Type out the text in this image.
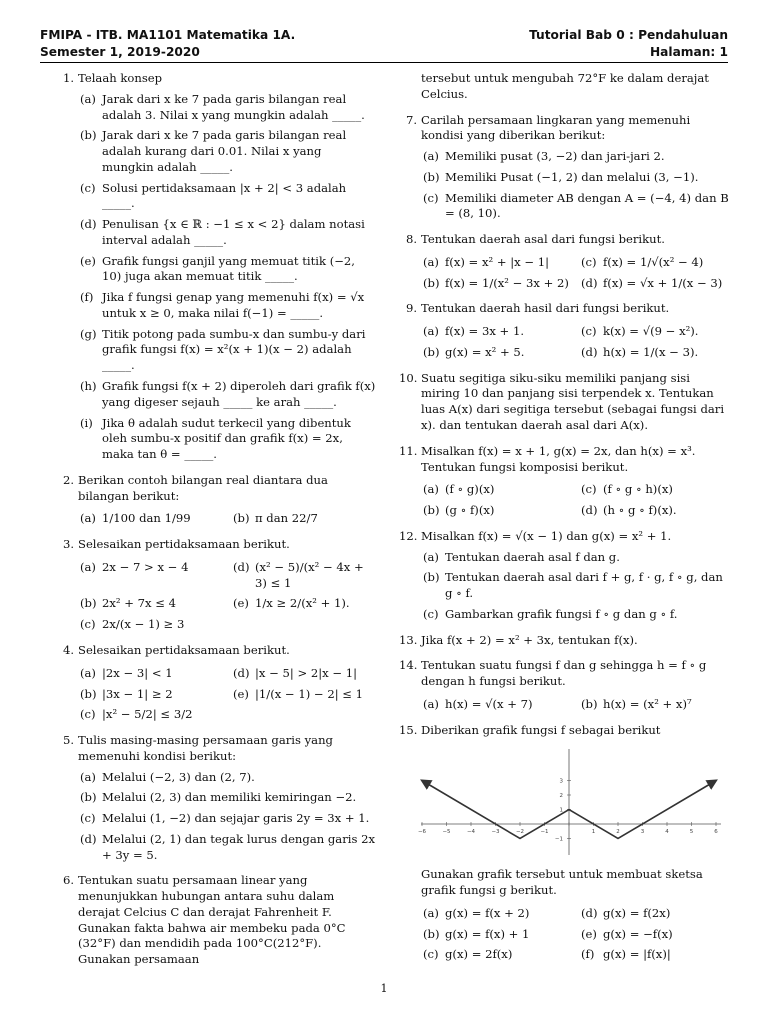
FMIPA - ITB. MA1101 Matematika 1A.	Tutorial Bab 0 : Pendahuluan
Semester 1, 2019-2020	Halaman: 1
1. Telaah konsep
(a) Jarak dari x ke 7 pada garis bilangan real adalah 3. Nilai x yang mungkin adalah _____.
(b) Jarak dari x ke 7 pada garis bilangan real adalah kurang dari 0.01. Nilai x yang mungkin adalah _____.
(c) Solusi pertidaksamaan |x + 2| < 3 adalah _____.
(d) Penulisan {x ∈ ℝ : −1 ≤ x < 2} dalam notasi interval adalah _____.
(e) Grafik fungsi ganjil yang memuat titik (−2, 10) juga akan memuat titik _____.
(f) Jika f fungsi genap yang memenuhi f(x) = √x untuk x ≥ 0, maka nilai f(−1) = _____.
(g) Titik potong pada sumbu-x dan sumbu-y dari grafik fungsi f(x) = x²(x + 1)(x − 2) adalah _____.
(h) Grafik fungsi f(x + 2) diperoleh dari grafik f(x) yang digeser sejauh _____ ke arah _____.
(i) Jika θ adalah sudut terkecil yang dibentuk oleh sumbu-x positif dan grafik f(x) = 2x, maka tan θ = _____.
2. Berikan contoh bilangan real diantara dua bilangan berikut:
(a) 1/100 dan 1/99	(b) π dan 22/7
3. Selesaikan pertidaksamaan berikut.
(a) 2x − 7 > x − 4	(d) (x² − 5)/(x² − 4x + 3) ≤ 1
(b) 2x² + 7x ≤ 4	(e) 1/x ≥ 2/(x² + 1).
(c) 2x/(x − 1) ≥ 3
4. Selesaikan pertidaksamaan berikut.
(a) |2x − 3| < 1	(d) |x − 5| > 2|x − 1|
(b) |3x − 1| ≥ 2	(e) |1/(x − 1) − 2| ≤ 1
(c) |x² − 5/2| ≤ 3/2
5. Tulis masing-masing persamaan garis yang memenuhi kondisi berikut:
(a) Melalui (−2, 3) dan (2, 7).
(b) Melalui (2, 3) dan memiliki kemiringan −2.
(c) Melalui (1, −2) dan sejajar garis 2y = 3x + 1.
(d) Melalui (2, 1) dan tegak lurus dengan garis 2x + 3y = 5.
6. Tentukan suatu persamaan linear yang menunjukkan hubungan antara suhu dalam derajat Celcius C dan derajat Fahrenheit F. Gunakan fakta bahwa air membeku pada 0°C (32°F) dan mendidih pada 100°C(212°F). Gunakan persamaan
tersebut untuk mengubah 72°F ke dalam derajat Celcius.
7. Carilah persamaan lingkaran yang memenuhi kondisi yang diberikan berikut:
(a) Memiliki pusat (3, −2) dan jari-jari 2.
(b) Memiliki Pusat (−1, 2) dan melalui (3, −1).
(c) Memiliki diameter AB dengan A = (−4, 4) dan B = (8, 10).
8. Tentukan daerah asal dari fungsi berikut.
(a) f(x) = x² + |x − 1|	(c) f(x) = 1/√(x² − 4)
(b) f(x) = 1/(x² − 3x + 2) (d) f(x) = √x + 1/(x − 3)
9. Tentukan daerah hasil dari fungsi berikut.
(a) f(x) = 3x + 1.	(c) k(x) = √(9 − x²).
(b) g(x) = x² + 5.	(d) h(x) = 1/(x − 3).
10. Suatu segitiga siku-siku memiliki panjang sisi miring 10 dan panjang sisi terpendek x. Tentukan luas A(x) dari segitiga tersebut (sebagai fungsi dari x). dan tentukan daerah asal dari A(x).
11. Misalkan f(x) = x + 1, g(x) = 2x, dan h(x) = x³. Tentukan fungsi komposisi berikut.
(a) (f ∘ g)(x)	(c) (f ∘ g ∘ h)(x)
(b) (g ∘ f)(x)	(d) (h ∘ g ∘ f)(x).
12. Misalkan f(x) = √(x − 1) dan g(x) = x² + 1.
(a) Tentukan daerah asal f dan g.
(b) Tentukan daerah asal dari f + g, f · g, f ∘ g, dan g ∘ f.
(c) Gambarkan grafik fungsi f ∘ g dan g ∘ f.
13. Jika f(x + 2) = x² + 3x, tentukan f(x).
14. Tentukan suatu fungsi f dan g sehingga h = f ∘ g dengan h fungsi berikut.
(a) h(x) = √(x + 7)	(b) h(x) = (x² + x)⁷
15. Diberikan grafik fungsi f sebagai berikut
−6	−5	−4	−3	−2	−1	1	2	3	4	5	6
−1
1
2
3
Gunakan grafik tersebut untuk membuat sketsa grafik fungsi g berikut.
(a) g(x) = f(x + 2)	(d) g(x) = f(2x)
(b) g(x) = f(x) + 1	(e) g(x) = −f(x)
(c) g(x) = 2f(x)	(f) g(x) = |f(x)|
1
